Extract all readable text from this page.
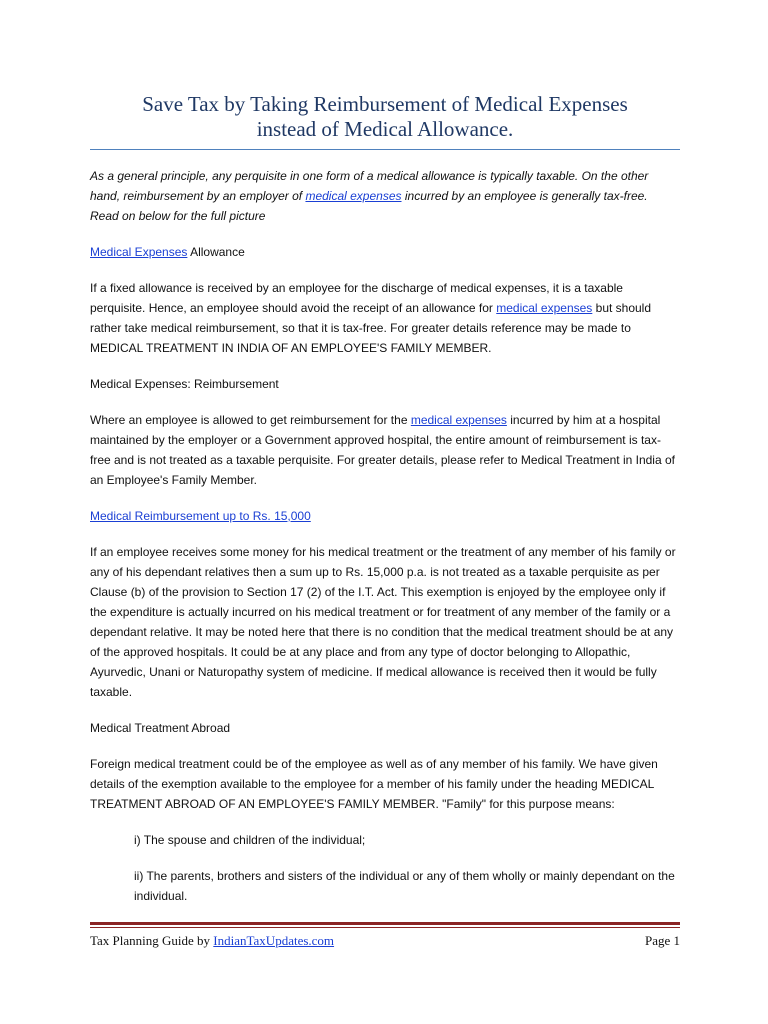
Save Tax by Taking Reimbursement of Medical Expenses
instead of Medical Allowance.

As a general principle, any perquisite in one form of a medical allowance is typically taxable. On the other hand, reimbursement by an employer of medical expenses incurred by an employee is generally tax-free. Read on below for the full picture

Medical Expenses Allowance

If a fixed allowance is received by an employee for the discharge of medical expenses, it is a taxable perquisite. Hence, an employee should avoid the receipt of an allowance for medical expenses but should rather take medical reimbursement, so that it is tax-free. For greater details reference may be made to MEDICAL TREATMENT IN INDIA OF AN EMPLOYEE'S FAMILY MEMBER.

Medical Expenses: Reimbursement

Where an employee is allowed to get reimbursement for the medical expenses incurred by him at a hospital maintained by the employer or a Government approved hospital, the entire amount of reimbursement is tax-free and is not treated as a taxable perquisite. For greater details, please refer to Medical Treatment in India of an Employee's Family Member.

Medical Reimbursement up to Rs. 15,000

If an employee receives some money for his medical treatment or the treatment of any member of his family or any of his dependant relatives then a sum up to Rs. 15,000 p.a. is not treated as a taxable perquisite as per Clause (b) of the provision to Section 17 (2) of the I.T. Act. This exemption is enjoyed by the employee only if the expenditure is actually incurred on his medical treatment or for treatment of any member of the family or a dependant relative. It may be noted here that there is no condition that the medical treatment should be at any of the approved hospitals. It could be at any place and from any type of doctor belonging to Allopathic, Ayurvedic, Unani or Naturopathy system of medicine. If medical allowance is received then it would be fully taxable.

Medical Treatment Abroad

Foreign medical treatment could be of the employee as well as of any member of his family. We have given details of the exemption available to the employee for a member of his family under the heading MEDICAL TREATMENT ABROAD OF AN EMPLOYEE'S FAMILY MEMBER. "Family" for this purpose means:

i) The spouse and children of the individual;

ii) The parents, brothers and sisters of the individual or any of them wholly or mainly dependant on the individual.

Tax Planning Guide by IndianTaxUpdates.com	Page 1
